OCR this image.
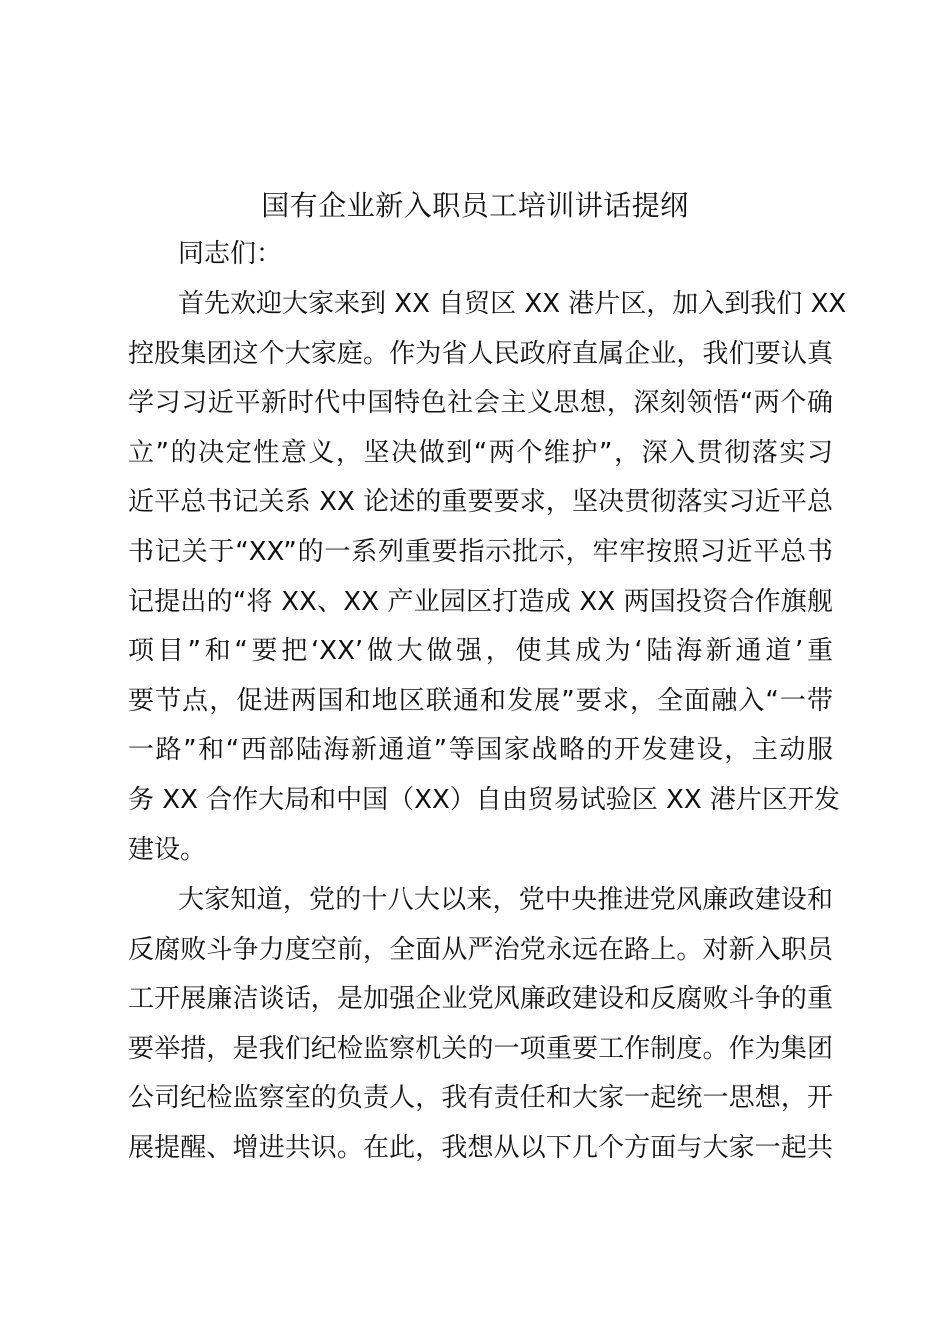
国有企业新入职员工培训讲话提纲
同志们：
首先欢迎大家来到 XX 自贸区 XX 港片区，加入到我们 XX
控股集团这个大家庭。作为省人民政府直属企业，我们要认真
学习习近平新时代中国特色社会主义思想，深刻领悟“两个确
立”的决定性意义，坚决做到“两个维护”，深入贯彻落实习
近平总书记关系 XX 论述的重要要求，坚决贯彻落实习近平总
书记关于“XX”的一系列重要指示批示，牢牢按照习近平总书
记提出的“将 XX、XX 产业园区打造成 XX 两国投资合作旗舰
项目”和“要把‘XX’做大做强，使其成为‘陆海新通道’重
要节点，促进两国和地区联通和发展”要求，全面融入“一带
一路”和“西部陆海新通道”等国家战略的开发建设，主动服
务 XX 合作大局和中国（XX）自由贸易试验区 XX 港片区开发
建设。
大家知道，党的十八大以来，党中央推进党风廉政建设和
反腐败斗争力度空前，全面从严治党永远在路上。对新入职员
工开展廉洁谈话，是加强企业党风廉政建设和反腐败斗争的重
要举措，是我们纪检监察机关的一项重要工作制度。作为集团
公司纪检监察室的负责人，我有责任和大家一起统一思想，开
展提醒、增进共识。在此，我想从以下几个方面与大家一起共
